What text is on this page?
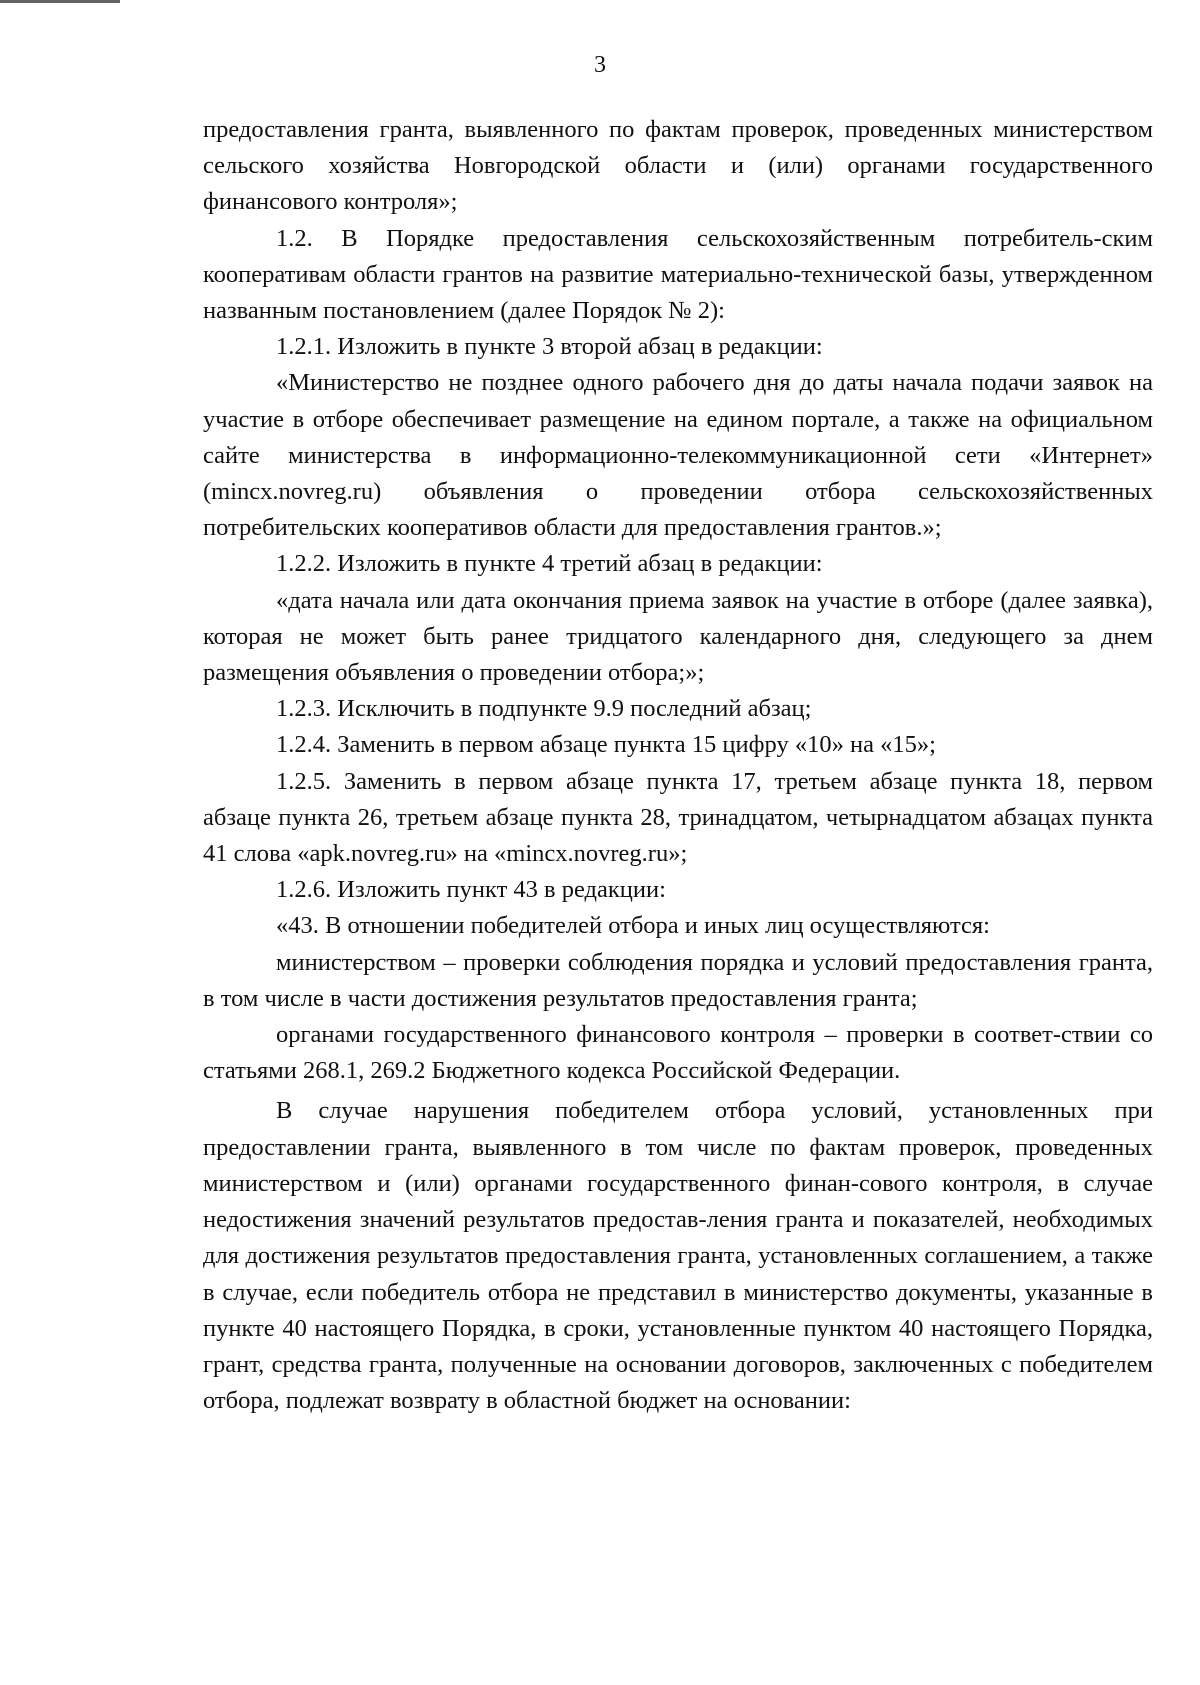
3

предоставления гранта, выявленного по фактам проверок, проведенных министерством сельского хозяйства Новгородской области и (или) органами государственного финансового контроля»;

1.2. В Порядке предоставления сельскохозяйственным потребитель-ским кооперативам области грантов на развитие материально-технической базы, утвержденном названным постановлением (далее Порядок № 2):

1.2.1. Изложить в пункте 3 второй абзац в редакции:

«Министерство не позднее одного рабочего дня до даты начала подачи заявок на участие в отборе обеспечивает размещение на едином портале, а также на официальном сайте министерства в информационно-телекоммуникационной сети «Интернет» (mincx.novreg.ru) объявления о проведении отбора сельскохозяйственных потребительских кооперативов области для предоставления грантов.»;

1.2.2. Изложить в пункте 4 третий абзац в редакции:

«дата начала или дата окончания приема заявок на участие в отборе (далее заявка), которая не может быть ранее тридцатого календарного дня, следующего за днем размещения объявления о проведении отбора;»;

1.2.3. Исключить в подпункте 9.9 последний абзац;

1.2.4. Заменить в первом абзаце пункта 15 цифру «10» на «15»;

1.2.5. Заменить в первом абзаце пункта 17, третьем абзаце пункта 18, первом абзаце пункта 26, третьем абзаце пункта 28, тринадцатом, четырнадцатом абзацах пункта 41 слова «apk.novreg.ru» на «mincx.novreg.ru»;

1.2.6. Изложить пункт 43 в редакции:

«43. В отношении победителей отбора и иных лиц осуществляются:

министерством – проверки соблюдения порядка и условий предоставления гранта, в том числе в части достижения результатов предоставления гранта;

органами государственного финансового контроля – проверки в соответ-ствии со статьями 268.1, 269.2 Бюджетного кодекса Российской Федерации.

В случае нарушения победителем отбора условий, установленных при предоставлении гранта, выявленного в том числе по фактам проверок, проведенных министерством и (или) органами государственного финан-сового контроля, в случае недостижения значений результатов предостав-ления гранта и показателей, необходимых для достижения результатов предоставления гранта, установленных соглашением, а также в случае, если победитель отбора не представил в министерство документы, указанные в пункте 40 настоящего Порядка, в сроки, установленные пунктом 40 настоящего Порядка, грант, средства гранта, полученные на основании договоров, заключенных с победителем отбора, подлежат возврату в областной бюджет на основании:
